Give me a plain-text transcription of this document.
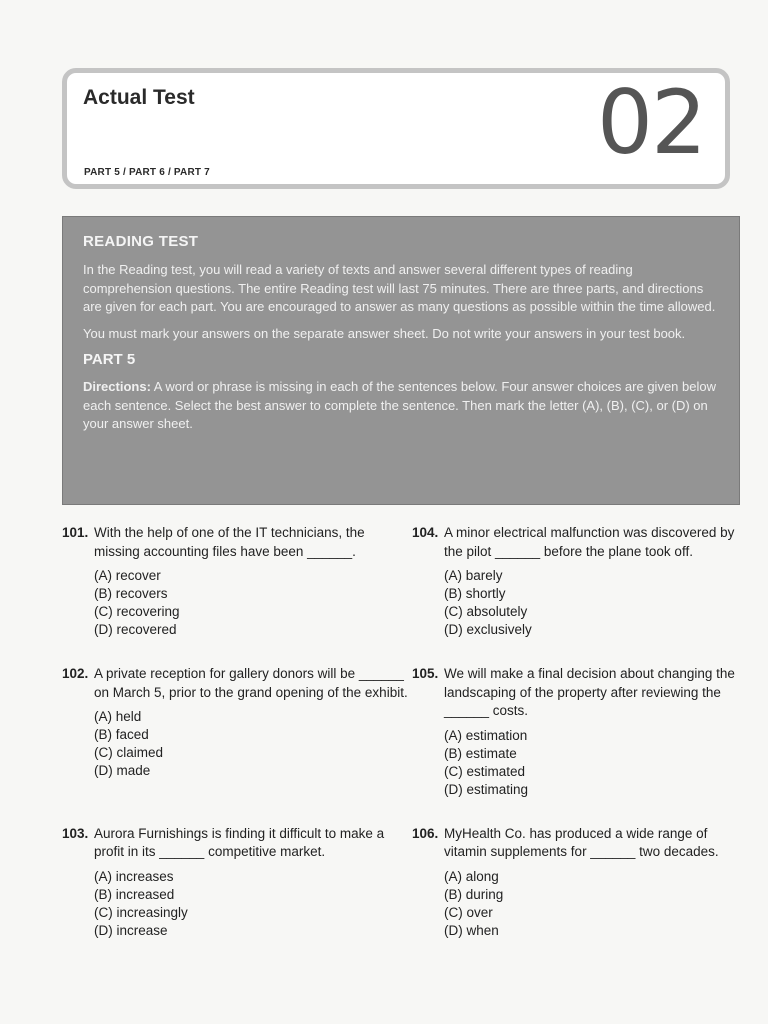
Actual Test
PART 5 / PART 6 / PART 7	02
READING TEST

In the Reading test, you will read a variety of texts and answer several different types of reading comprehension questions. The entire Reading test will last 75 minutes. There are three parts, and directions are given for each part. You are encouraged to answer as many questions as possible within the time allowed.

You must mark your answers on the separate answer sheet. Do not write your answers in your test book.

PART 5

Directions: A word or phrase is missing in each of the sentences below. Four answer choices are given below each sentence. Select the best answer to complete the sentence. Then mark the letter (A), (B), (C), or (D) on your answer sheet.

101. With the help of one of the IT technicians, the missing accounting files have been ______.
(A) recover
(B) recovers
(C) recovering
(D) recovered
104. A minor electrical malfunction was discovered by the pilot ______ before the plane took off.
(A) barely
(B) shortly
(C) absolutely
(D) exclusively
102. A private reception for gallery donors will be ______ on March 5, prior to the grand opening of the exhibit.
(A) held
(B) faced
(C) claimed
(D) made
105. We will make a final decision about changing the landscaping of the property after reviewing the ______ costs.
(A) estimation
(B) estimate
(C) estimated
(D) estimating
103. Aurora Furnishings is finding it difficult to make a profit in its ______ competitive market.
(A) increases
(B) increased
(C) increasingly
(D) increase
106. MyHealth Co. has produced a wide range of vitamin supplements for ______ two decades.
(A) along
(B) during
(C) over
(D) when
